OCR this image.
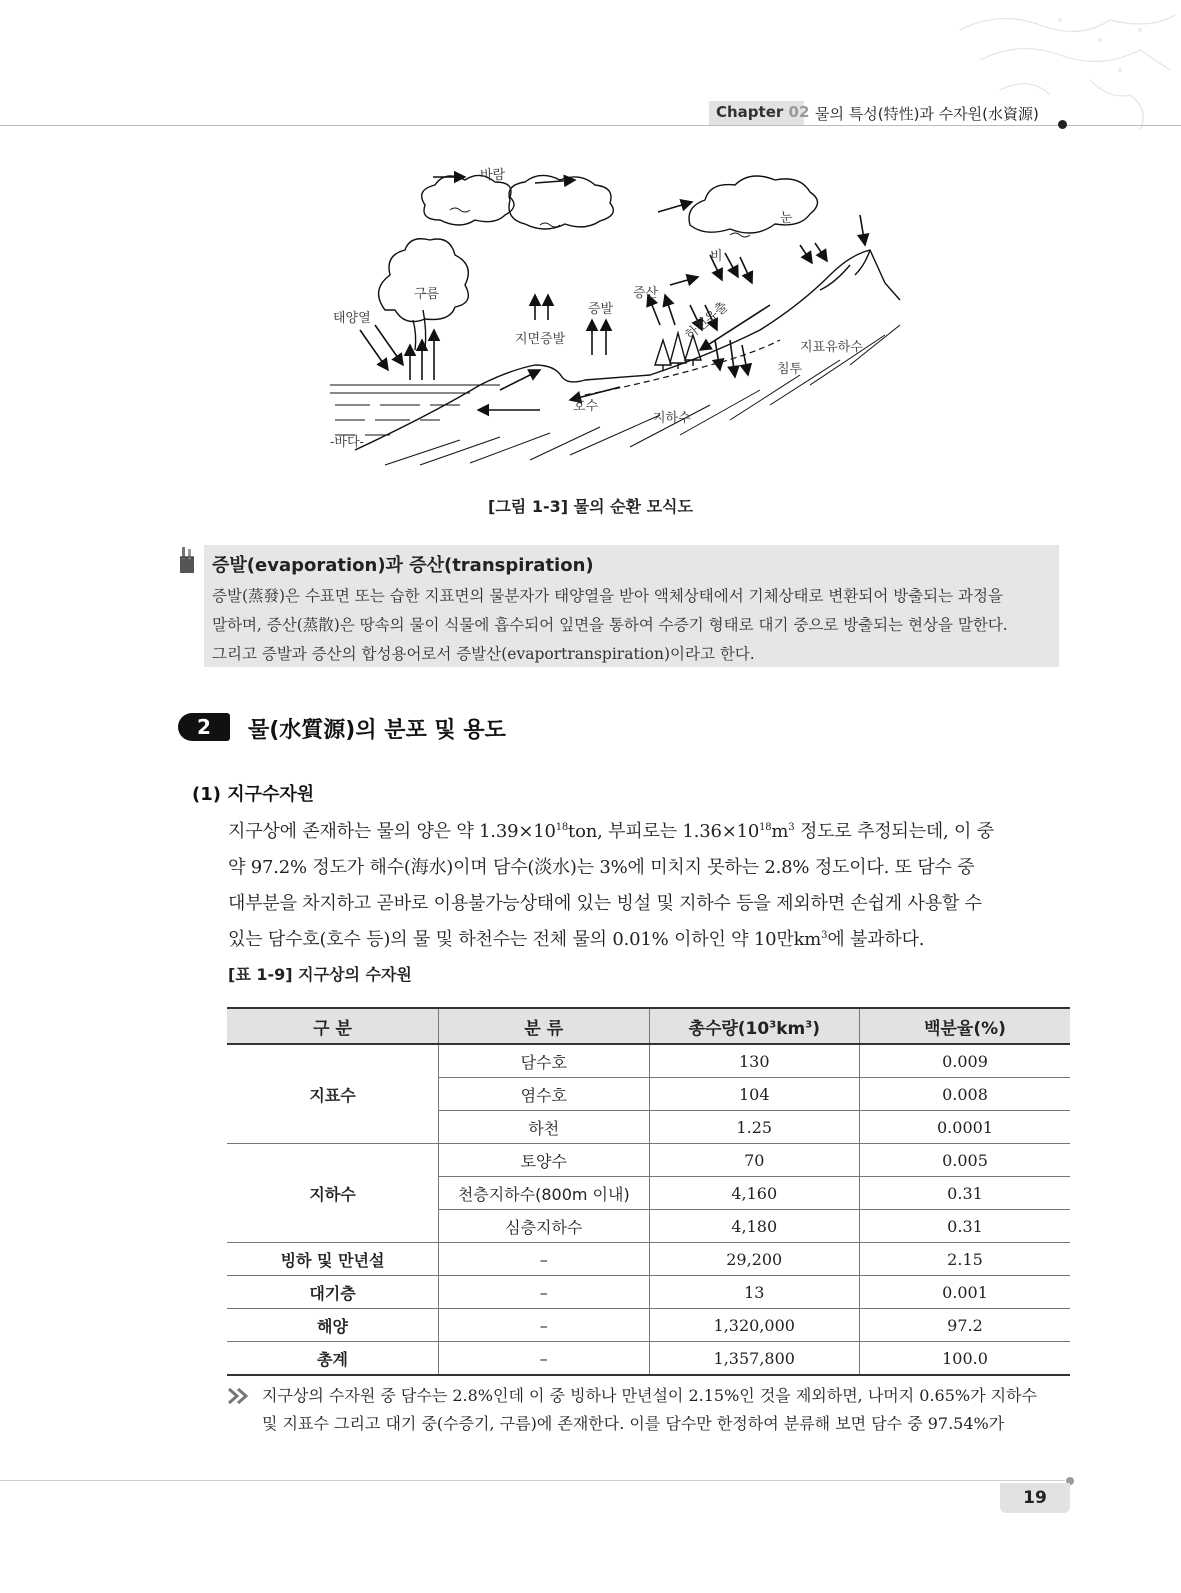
Chapter 02 물의 특성(特性)과 수자원(水資源)
바람
눈
비
구름
태양열
증산
증발
지면증발	하천유출
지표유하수
침투
호수
지하수
-바다-
[그림 1-3] 물의 순환 모식도
증발(evaporation)과 증산(transpiration)
증발(蒸發)은 수표면 또는 습한 지표면의 물분자가 태양열을 받아 액체상태에서 기체상태로 변환되어 방출되는 과정을
말하며, 증산(蒸散)은 땅속의 물이 식물에 흡수되어 잎면을 통하여 수증기 형태로 대기 중으로 방출되는 현상을 말한다.
그리고 증발과 증산의 합성용어로서 증발산(evaportranspiration)이라고 한다.
2	물(水質源)의 분포 및 용도
(1) 지구수자원

지구상에 존재하는 물의 양은 약 $1.39\times 10^{18}ton$, 부피로는 $1.36\times 10^{18}m^3$ 정도로 추정되는데, 이 중

약 97.2% 정도가 해수(海水)이며 담수(淡水)는 3%에 미치지 못하는 2.8% 정도이다. 또 담수 중

대부분을 차지하고 곧바로 이용불가능상태에 있는 빙설 및 지하수 등을 제외하면 손쉽게 사용할 수

있는 담수호(호수 등)의 물 및 하천수는 전체 물의 0.01% 이하인 약 10만$km^3$에 불과하다.

[표 1-9] 지구상의 수자원
구 분	분 류	총수량$(10^3km^3)$	백분율(%)
지표수	담수호	130	0.009
	염수호	104	0.008
	하천	1.25	0.0001
지하수	토양수	70	0.005
	천층지하수(800m 이내)	4,160	0.31
	심층지하수	4,180	0.31
빙하 및 만년설	–	29,200	2.15
대기층	–	13	0.001
해양	–	1,320,000	97.2
총계	–	1,357,800	100.0

지구상의 수자원 중 담수는 2.8%인데 이 중 빙하나 만년설이 2.15%인 것을 제외하면, 나머지 0.65%가 지하수

및 지표수 그리고 대기 중(수증기, 구름)에 존재한다. 이를 담수만 한정하여 분류해 보면 담수 중 97.54%가

19
